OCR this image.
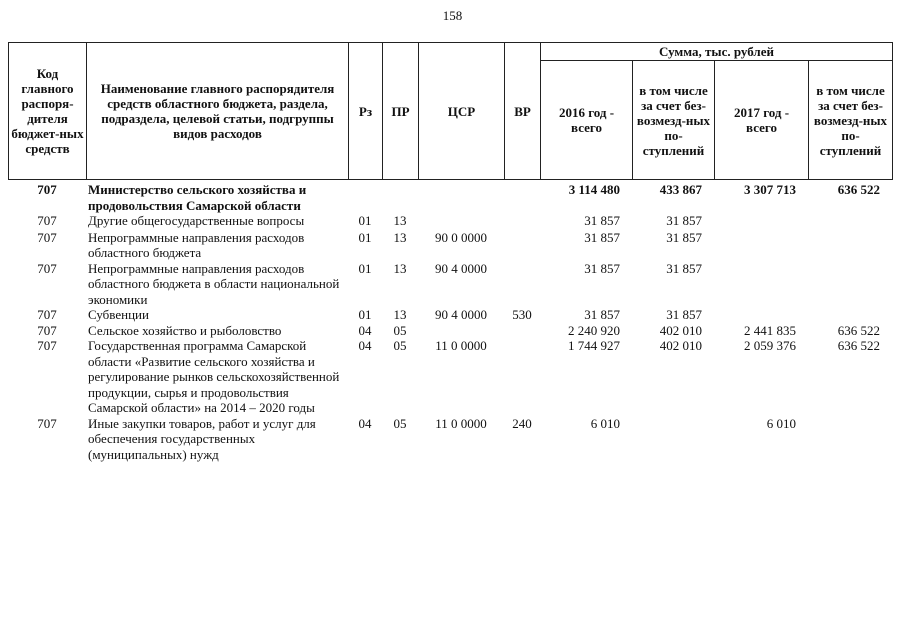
158
Код главного распоря-дителя бюджет-ных средств	Наименование главного распорядителя средств областного бюджета, раздела, подраздела, целевой статьи, подгруппы видов расходов	Рз	ПР	ЦСР	ВР	Сумма, тыс. рублей			
						2016 год - всего	в том числе за счет без-возмезд-ных по-ступлений	2017 год - всего	в том числе за счет без-возмезд-ных по-ступлений
707	Министерство сельского хозяйства и продовольствия Самарской области					3 114 480	433 867	3 307 713	636 522
707	Другие общегосударственные вопросы	01	13			31 857	31 857		
707	Непрограммные направления расходов областного бюджета	01	13	90 0 0000		31 857	31 857		
707	Непрограммные направления расходов областного бюджета в области национальной экономики	01	13	90 4 0000		31 857	31 857		
707	Субвенции	01	13	90 4 0000	530	31 857	31 857		
707	Сельское хозяйство и рыболовство	04	05			2 240 920	402 010	2 441 835	636 522
707	Государственная программа Самарской области «Развитие сельского хозяйства и регулирование рынков сельскохозяйственной продукции, сырья и продовольствия Самарской области» на 2014 – 2020 годы	04	05	11 0 0000		1 744 927	402 010	2 059 376	636 522
707	Иные закупки товаров, работ и услуг для обеспечения государственных (муниципальных) нужд	04	05	11 0 0000	240	6 010		6 010	
